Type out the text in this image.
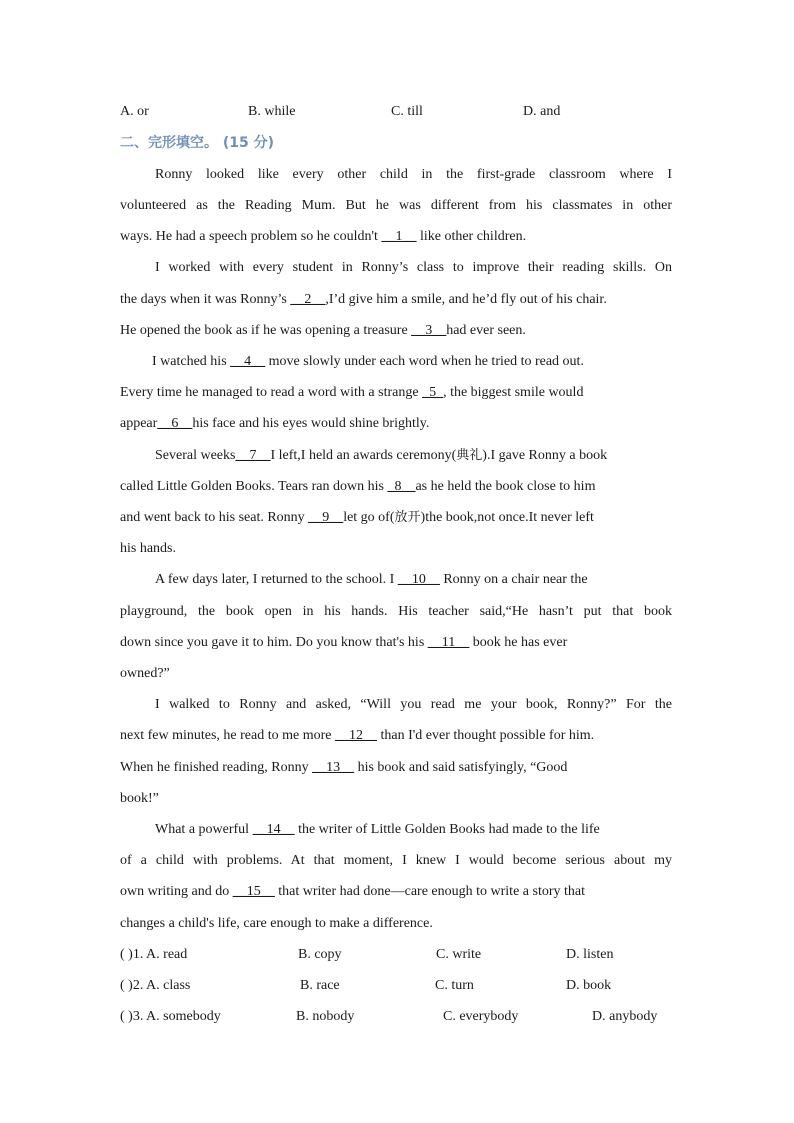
A. or	B. while	C. till	D. and
二、完形填空。 (15 分)
Ronny looked like every other child in the first-grade classroom where I
volunteered as the Reading Mum. But he was different from his classmates in other
ways. He had a speech problem so he couldn't __1__ like other children.
I worked with every student in Ronny’s class to improve their reading skills. On
the days when it was Ronny’s __2__,I’d give him a smile, and he’d fly out of his chair.
He opened the book as if he was opening a treasure __3__had ever seen.
I watched his __4__ move slowly under each word when he tried to read out.
Every time he managed to read a word with a strange _5_, the biggest smile would
appear__6__his face and his eyes would shine brightly.
Several weeks__7__I left,I held an awards ceremony(典礼).I gave Ronny a book
called Little Golden Books. Tears ran down his _8__as he held the book close to him
and went back to his seat. Ronny __9__let go of(放开)the book,not once.It never left
his hands.
A few days later, I returned to the school. I __10__ Ronny on a chair near the
playground, the book open in his hands. His teacher said,“He hasn’t put that book
down since you gave it to him. Do you know that's his __11__ book he has ever
owned?”
I walked to Ronny and asked, “Will you read me your book, Ronny?” For the
next few minutes, he read to me more __12__ than I'd ever thought possible for him.
When he finished reading, Ronny __13__ his book and said satisfyingly, “Good
book!”
What a powerful __14__ the writer of Little Golden Books had made to the life
of a child with problems. At that moment, I knew I would become serious about my
own writing and do __15__ that writer had done—care enough to write a story that
changes a child's life, care enough to make a difference.
( )1. A. read	B. copy	C. write	D. listen
( )2. A. class	B. race	C. turn	D. book
( )3. A. somebody	B. nobody	C. everybody	D. anybody
